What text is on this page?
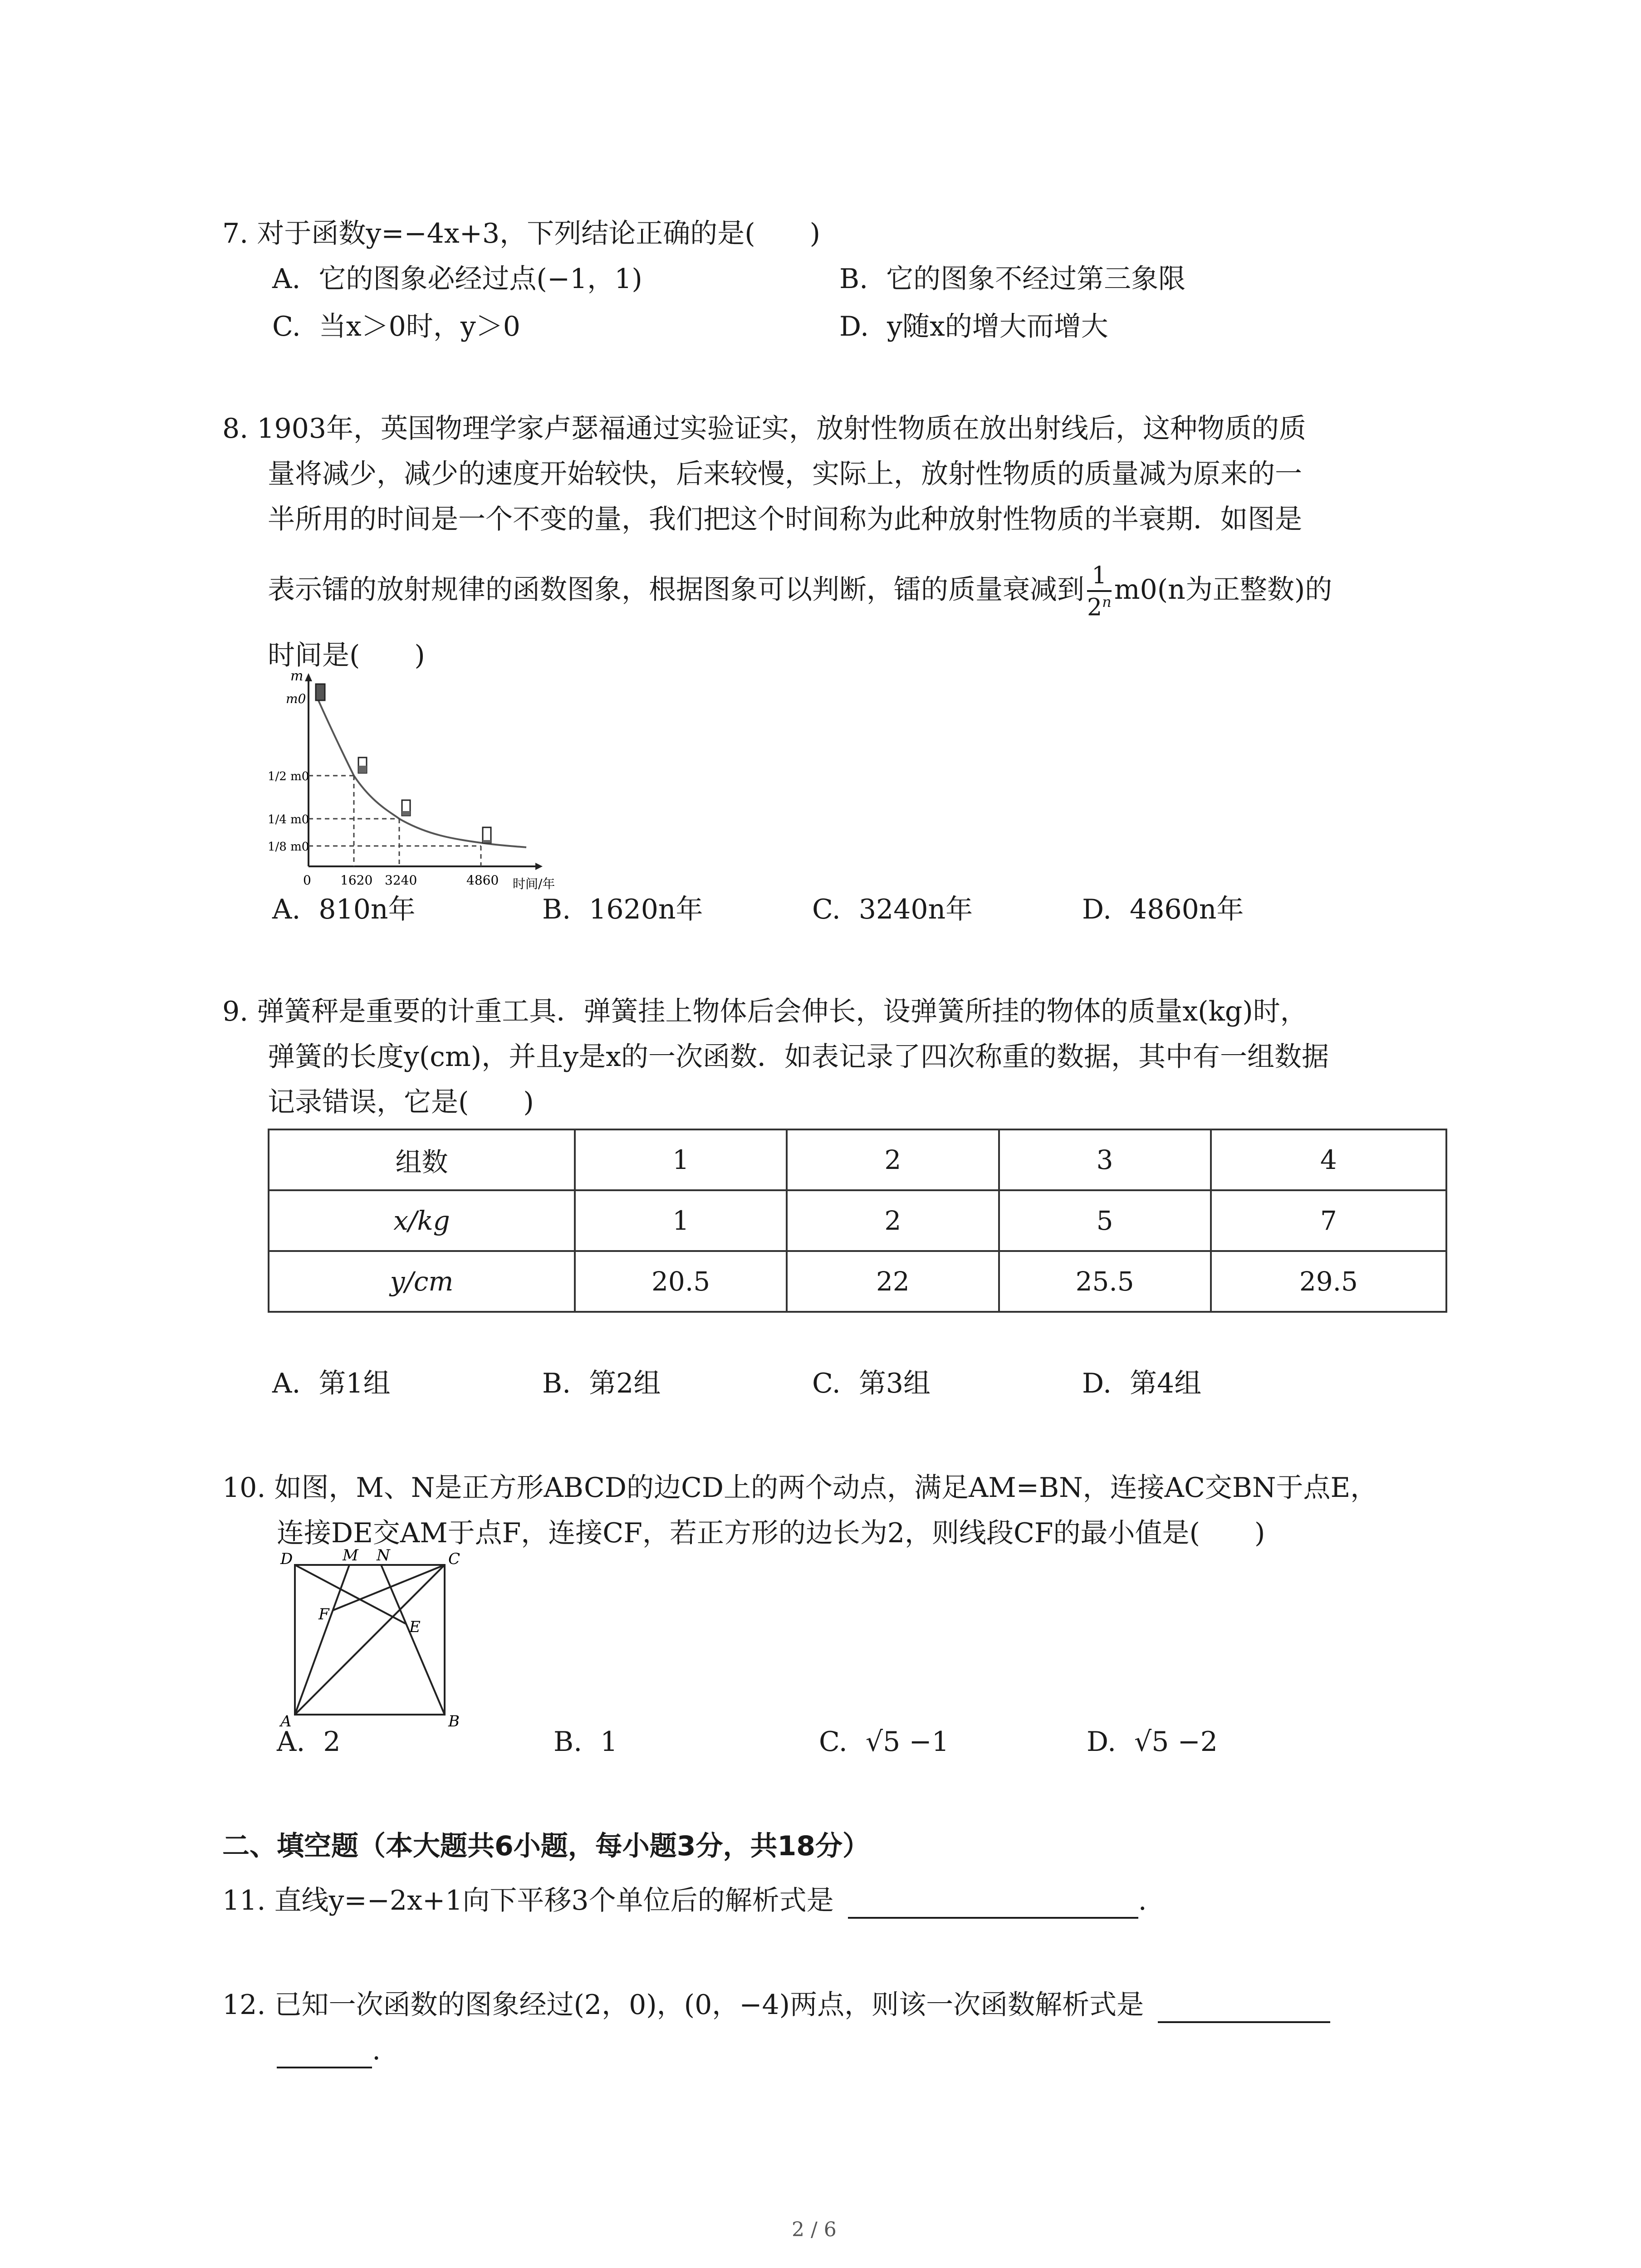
7. 对于函数y=−4x+3，下列结论正确的是(　　)
A. 它的图象必经过点(−1，1)	B. 它的图象不经过第三象限
C. 当x＞0时，y＞0	D. y随x的增大而增大
8. 1903年，英国物理学家卢瑟福通过实验证实，放射性物质在放出射线后，这种物质的质
量将减少，减少的速度开始较快，后来较慢，实际上，放射性物质的质量减为原来的一
半所用的时间是一个不变的量，我们把这个时间称为此种放射性物质的半衰期．如图是
表示镭的放射规律的函数图象，根据图象可以判断，镭的质量衰减到 $\frac{1}{2^n} m0(n$为正整数)的
时间是(　　)
m
m0
1/2 m0
1/4 m0
1/8 m0
0 1620 3240	4860 时间/年
A. 810n年	B. 1620n年	C. 3240n年	D. 4860n年
9. 弹簧秤是重要的计重工具．弹簧挂上物体后会伸长，设弹簧所挂的物体的质量x(kg)时，
弹簧的长度y(cm)，并且y是x的一次函数．如表记录了四次称重的数据，其中有一组数据
记录错误，它是(　　)
组数	1	2	3	4
x/kg	1	2	5	7
y/cm	20.5	22	25.5	29.5
A. 第1组	B. 第2组	C. 第3组	D. 第4组
10. 如图，M、N是正方形ABCD的边CD上的两个动点，满足AM=BN，连接AC交BN于点E，
连接DE交AM于点F，连接CF，若正方形的边长为2，则线段CF的最小值是(　　)
D	M N	C
F
E
A	B
A. 2	B. 1	C. √5 −1	D. √5 −2
二、填空题（本大题共6小题，每小题3分，共18分）
11. 直线y=−2x+1向下平移3个单位后的解析式是	.
12. 已知一次函数的图象经过(2，0)，(0，−4)两点，则该一次函数解析式是
.
2 / 6
